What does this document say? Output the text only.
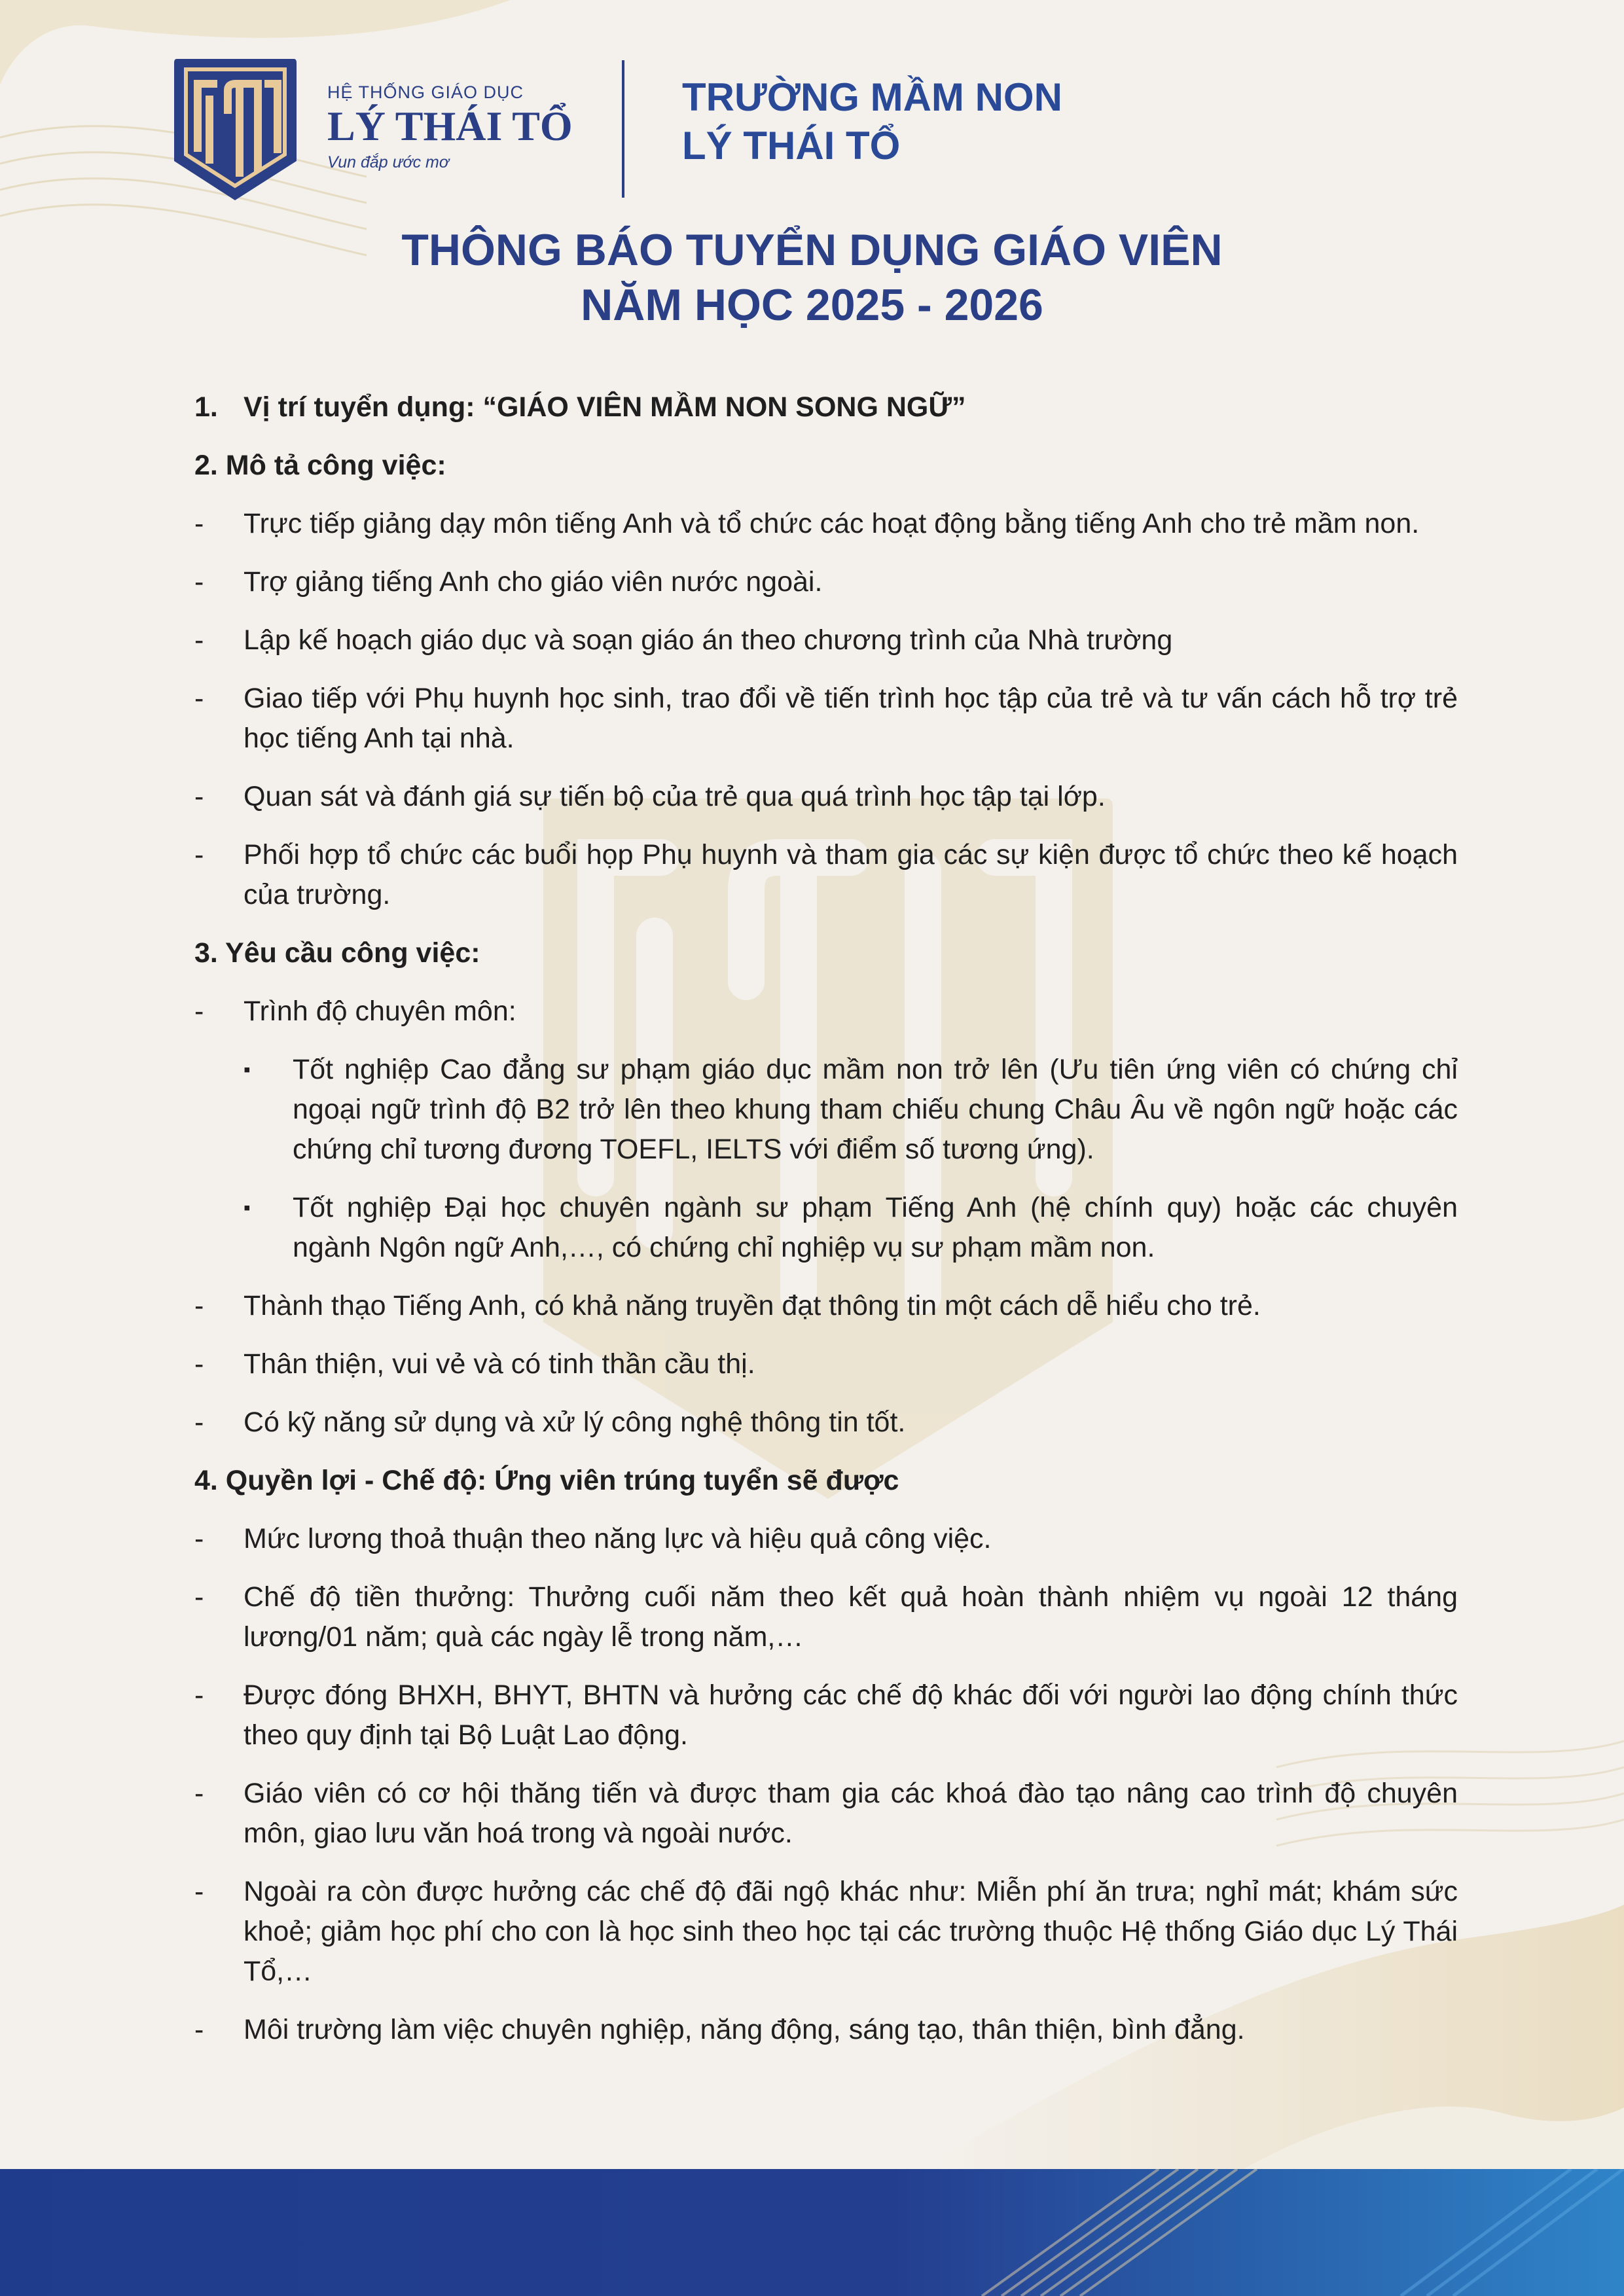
HỆ THỐNG GIÁO DỤC
LÝ THÁI TỔ
Vun đắp ước mơ
TRƯỜNG MẦM NON
LÝ THÁI TỔ
THÔNG BÁO TUYỂN DỤNG GIÁO VIÊN
NĂM HỌC 2025 - 2026
1. Vị trí tuyển dụng: “GIÁO VIÊN MẦM NON SONG NGỮ”
2. Mô tả công việc:
- Trực tiếp giảng dạy môn tiếng Anh và tổ chức các hoạt động bằng tiếng Anh cho trẻ mầm non.
- Trợ giảng tiếng Anh cho giáo viên nước ngoài.
- Lập kế hoạch giáo dục và soạn giáo án theo chương trình của Nhà trường
- Giao tiếp với Phụ huynh học sinh, trao đổi về tiến trình học tập của trẻ và tư vấn cách hỗ trợ trẻ học tiếng Anh tại nhà.
- Quan sát và đánh giá sự tiến bộ của trẻ qua quá trình học tập tại lớp.
- Phối hợp tổ chức các buổi họp Phụ huynh và tham gia các sự kiện được tổ chức theo kế hoạch của trường.
3. Yêu cầu công việc:
- Trình độ chuyên môn:
▪ Tốt nghiệp Cao đẳng sư phạm giáo dục mầm non trở lên (Ưu tiên ứng viên có chứng chỉ ngoại ngữ trình độ B2 trở lên theo khung tham chiếu chung Châu Âu về ngôn ngữ hoặc các chứng chỉ tương đương TOEFL, IELTS với điểm số tương ứng).
▪ Tốt nghiệp Đại học chuyên ngành sư phạm Tiếng Anh (hệ chính quy) hoặc các chuyên ngành Ngôn ngữ Anh,…, có chứng chỉ nghiệp vụ sư phạm mầm non.
- Thành thạo Tiếng Anh, có khả năng truyền đạt thông tin một cách dễ hiểu cho trẻ.
- Thân thiện, vui vẻ và có tinh thần cầu thị.
- Có kỹ năng sử dụng và xử lý công nghệ thông tin tốt.
4. Quyền lợi - Chế độ: Ứng viên trúng tuyển sẽ được
- Mức lương thoả thuận theo năng lực và hiệu quả công việc.
- Chế độ tiền thưởng: Thưởng cuối năm theo kết quả hoàn thành nhiệm vụ ngoài 12 tháng lương/01 năm; quà các ngày lễ trong năm,…
- Được đóng BHXH, BHYT, BHTN và hưởng các chế độ khác đối với người lao động chính thức theo quy định tại Bộ Luật Lao động.
- Giáo viên có cơ hội thăng tiến và được tham gia các khoá đào tạo nâng cao trình độ chuyên môn, giao lưu văn hoá trong và ngoài nước.
- Ngoài ra còn được hưởng các chế độ đãi ngộ khác như: Miễn phí ăn trưa; nghỉ mát; khám sức khoẻ; giảm học phí cho con là học sinh theo học tại các trường thuộc Hệ thống Giáo dục Lý Thái Tổ,…
- Môi trường làm việc chuyên nghiệp, năng động, sáng tạo, thân thiện, bình đẳng.
